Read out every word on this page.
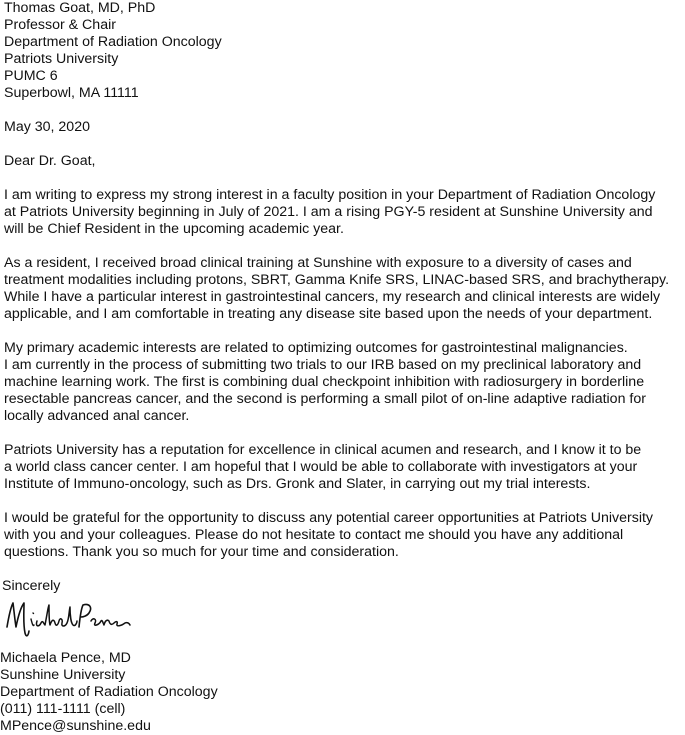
Thomas Goat, MD, PhD
Professor & Chair
Department of Radiation Oncology
Patriots University
PUMC 6
Superbowl, MA 11111
May 30, 2020
Dear Dr. Goat,
I am writing to express my strong interest in a faculty position in your Department of Radiation Oncology
at Patriots University beginning in July of 2021. I am a rising PGY-5 resident at Sunshine University and
will be Chief Resident in the upcoming academic year.
As a resident, I received broad clinical training at Sunshine with exposure to a diversity of cases and
treatment modalities including protons, SBRT, Gamma Knife SRS, LINAC-based SRS, and brachytherapy.
While I have a particular interest in gastrointestinal cancers, my research and clinical interests are widely
applicable, and I am comfortable in treating any disease site based upon the needs of your department.
My primary academic interests are related to optimizing outcomes for gastrointestinal malignancies.
I am currently in the process of submitting two trials to our IRB based on my preclinical laboratory and
machine learning work. The first is combining dual checkpoint inhibition with radiosurgery in borderline
resectable pancreas cancer, and the second is performing a small pilot of on-line adaptive radiation for
locally advanced anal cancer.
Patriots University has a reputation for excellence in clinical acumen and research, and I know it to be
a world class cancer center. I am hopeful that I would be able to collaborate with investigators at your
Institute of Immuno-oncology, such as Drs. Gronk and Slater, in carrying out my trial interests.
I would be grateful for the opportunity to discuss any potential career opportunities at Patriots University
with you and your colleagues. Please do not hesitate to contact me should you have any additional
questions. Thank you so much for your time and consideration.
Sincerely
Michaela Pence, MD
Sunshine University
Department of Radiation Oncology
(011) 111-1111 (cell)
MPence@sunshine.edu
